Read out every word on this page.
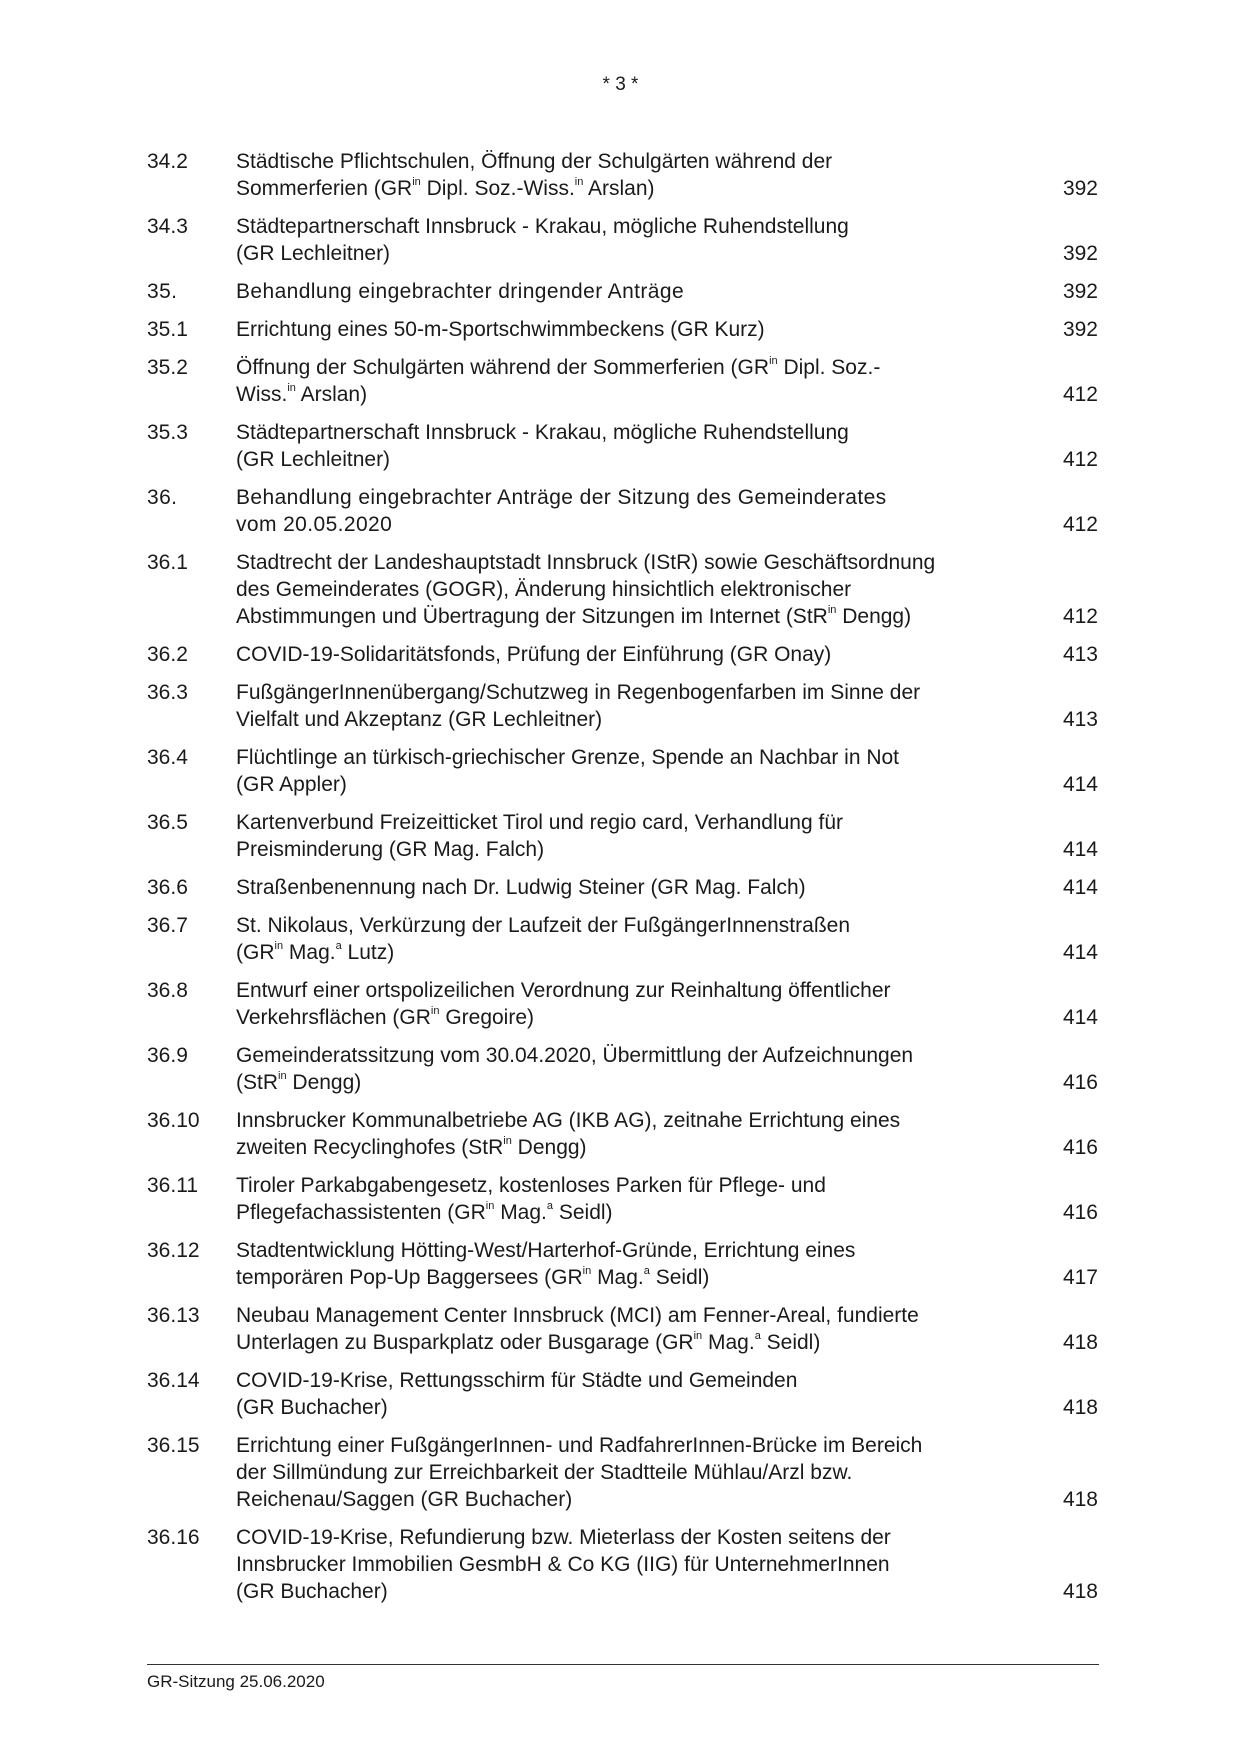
* 3 *
34.2	Städtische Pflichtschulen, Öffnung der Schulgärten während der
Sommerferien ($GR^{in}$ Dipl. Soz.-Wiss.$^{in}$ Arslan)	392
34.3	Städtepartnerschaft Innsbruck - Krakau, mögliche Ruhendstellung
(GR Lechleitner)	392
35.	Behandlung eingebrachter dringender Anträge	392
35.1	Errichtung eines 50-m-Sportschwimmbeckens (GR Kurz)	392
35.2	Öffnung der Schulgärten während der Sommerferien ($GR^{in}$ Dipl. Soz.-
Wiss.$^{in}$ Arslan)	412
35.3	Städtepartnerschaft Innsbruck - Krakau, mögliche Ruhendstellung
(GR Lechleitner)	412
36.	Behandlung eingebrachter Anträge der Sitzung des Gemeinderates
vom 20.05.2020	412
36.1	Stadtrecht der Landeshauptstadt Innsbruck (IStR) sowie Geschäftsordnung
des Gemeinderates (GOGR), Änderung hinsichtlich elektronischer
Abstimmungen und Übertragung der Sitzungen im Internet (StR$^{in}$ Dengg)	412
36.2	COVID-19-Solidaritätsfonds, Prüfung der Einführung (GR Onay)	413
36.3	FußgängerInnenübergang/Schutzweg in Regenbogenfarben im Sinne der
Vielfalt und Akzeptanz (GR Lechleitner)	413
36.4	Flüchtlinge an türkisch-griechischer Grenze, Spende an Nachbar in Not
(GR Appler)	414
36.5	Kartenverbund Freizeitticket Tirol und regio card, Verhandlung für
Preisminderung (GR Mag. Falch)	414
36.6	Straßenbenennung nach Dr. Ludwig Steiner (GR Mag. Falch)	414
36.7	St. Nikolaus, Verkürzung der Laufzeit der FußgängerInnenstraßen
($GR^{in}$ Mag.$^a$ Lutz)	414
36.8	Entwurf einer ortspolizeilichen Verordnung zur Reinhaltung öffentlicher
Verkehrsflächen ($GR^{in}$ Gregoire)	414
36.9	Gemeinderatssitzung vom 30.04.2020, Übermittlung der Aufzeichnungen
(StR$^{in}$ Dengg)	416
36.10	Innsbrucker Kommunalbetriebe AG (IKB AG), zeitnahe Errichtung eines
zweiten Recyclinghofes (StR$^{in}$ Dengg)	416
36.11	Tiroler Parkabgabengesetz, kostenloses Parken für Pflege- und
Pflegefachassistenten ($GR^{in}$ Mag.$^a$ Seidl)	416
36.12	Stadtentwicklung Hötting-West/Harterhof-Gründe, Errichtung eines
temporären Pop-Up Baggersees ($GR^{in}$ Mag.$^a$ Seidl)	417
36.13	Neubau Management Center Innsbruck (MCI) am Fenner-Areal, fundierte
Unterlagen zu Busparkplatz oder Busgarage ($GR^{in}$ Mag.$^a$ Seidl)	418
36.14	COVID-19-Krise, Rettungsschirm für Städte und Gemeinden
(GR Buchacher)	418
36.15	Errichtung einer FußgängerInnen- und RadfahrerInnen-Brücke im Bereich
der Sillmündung zur Erreichbarkeit der Stadtteile Mühlau/Arzl bzw.
Reichenau/Saggen (GR Buchacher)	418
36.16	COVID-19-Krise, Refundierung bzw. Mieterlass der Kosten seitens der
Innsbrucker Immobilien GesmbH & Co KG (IIG) für UnternehmerInnen
(GR Buchacher)	418
GR-Sitzung 25.06.2020
